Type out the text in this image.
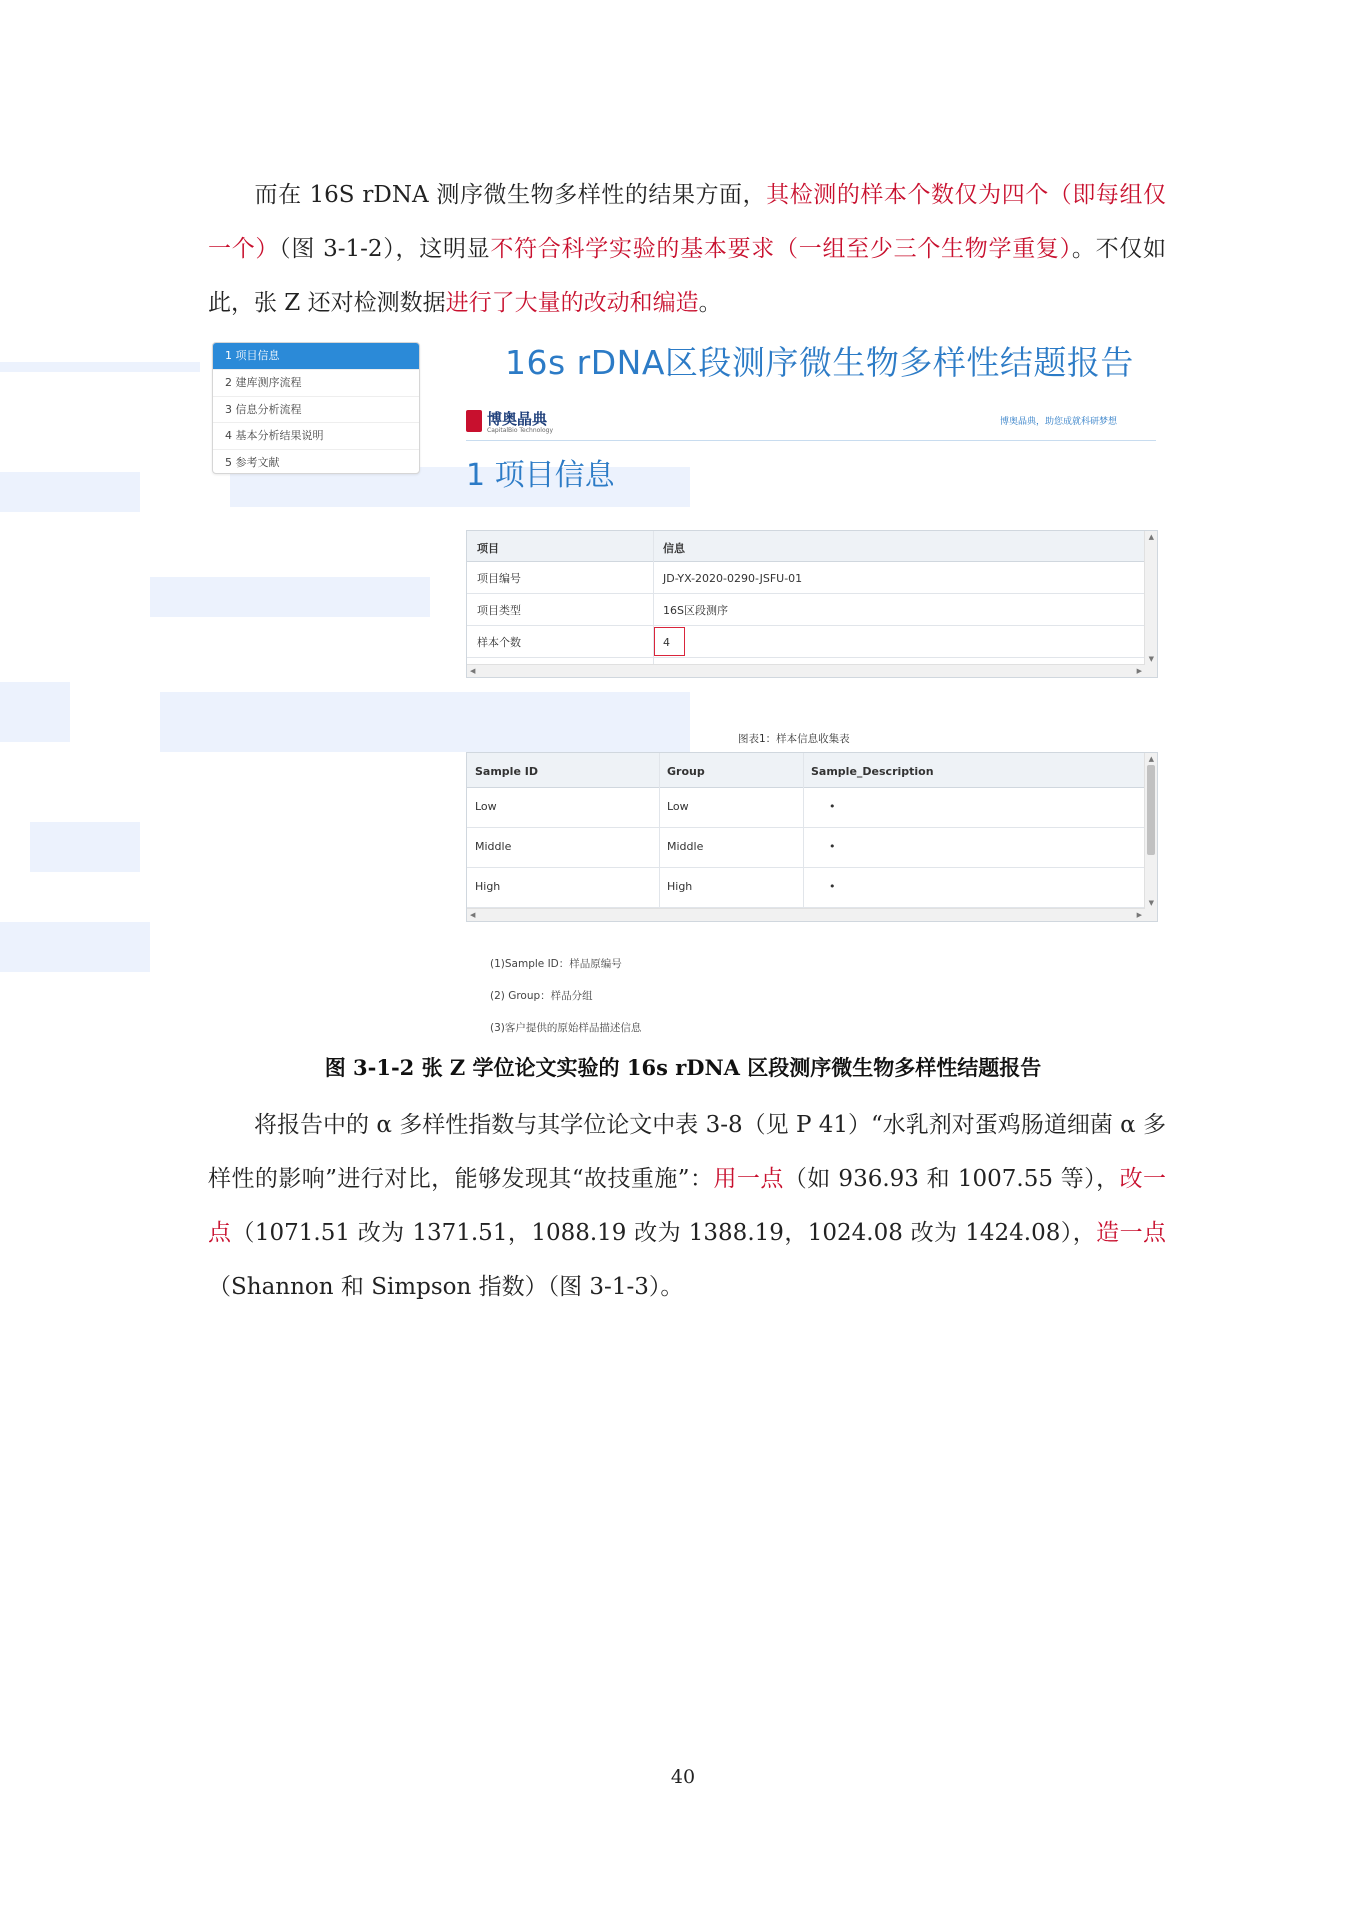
而在 16S rDNA 测序微生物多样性的结果方面，其检测的样本个数仅为四个（即每组仅一个）（图 3-1-2），这明显不符合科学实验的基本要求（一组至少三个生物学重复）。不仅如此，张 Z 还对检测数据进行了大量的改动和编造。
1 项目信息
2 建库测序流程
3 信息分析流程
4 基本分析结果说明
5 参考文献
16s rDNA区段测序微生物多样性结题报告
博奥晶典
CapitalBio Technology
博奥晶典，助您成就科研梦想
1 项目信息
项目	信息
项目编号	JD-YX-2020-0290-JSFU-01
项目类型	16S区段测序
样本个数	4
▲
▼
◀	▶
图表1：样本信息收集表
Sample ID	Group	Sample_Description
Low	Low	•
Middle	Middle	•
High	High	•
▲
▼
◀	▶
(1)Sample ID：样品原编号
(2) Group：样品分组
(3)客户提供的原始样品描述信息
图 3-1-2 张 Z 学位论文实验的 16s rDNA 区段测序微生物多样性结题报告
将报告中的 α 多样性指数与其学位论文中表 3-8（见 P 41）“水乳剂对蛋鸡肠道细菌 α 多样性的影响”进行对比，能够发现其“故技重施”：用一点（如 936.93 和 1007.55 等），改一点（1071.51 改为 1371.51，1088.19 改为 1388.19，1024.08 改为 1424.08），造一点（Shannon 和 Simpson 指数）（图 3-1-3）。
40
